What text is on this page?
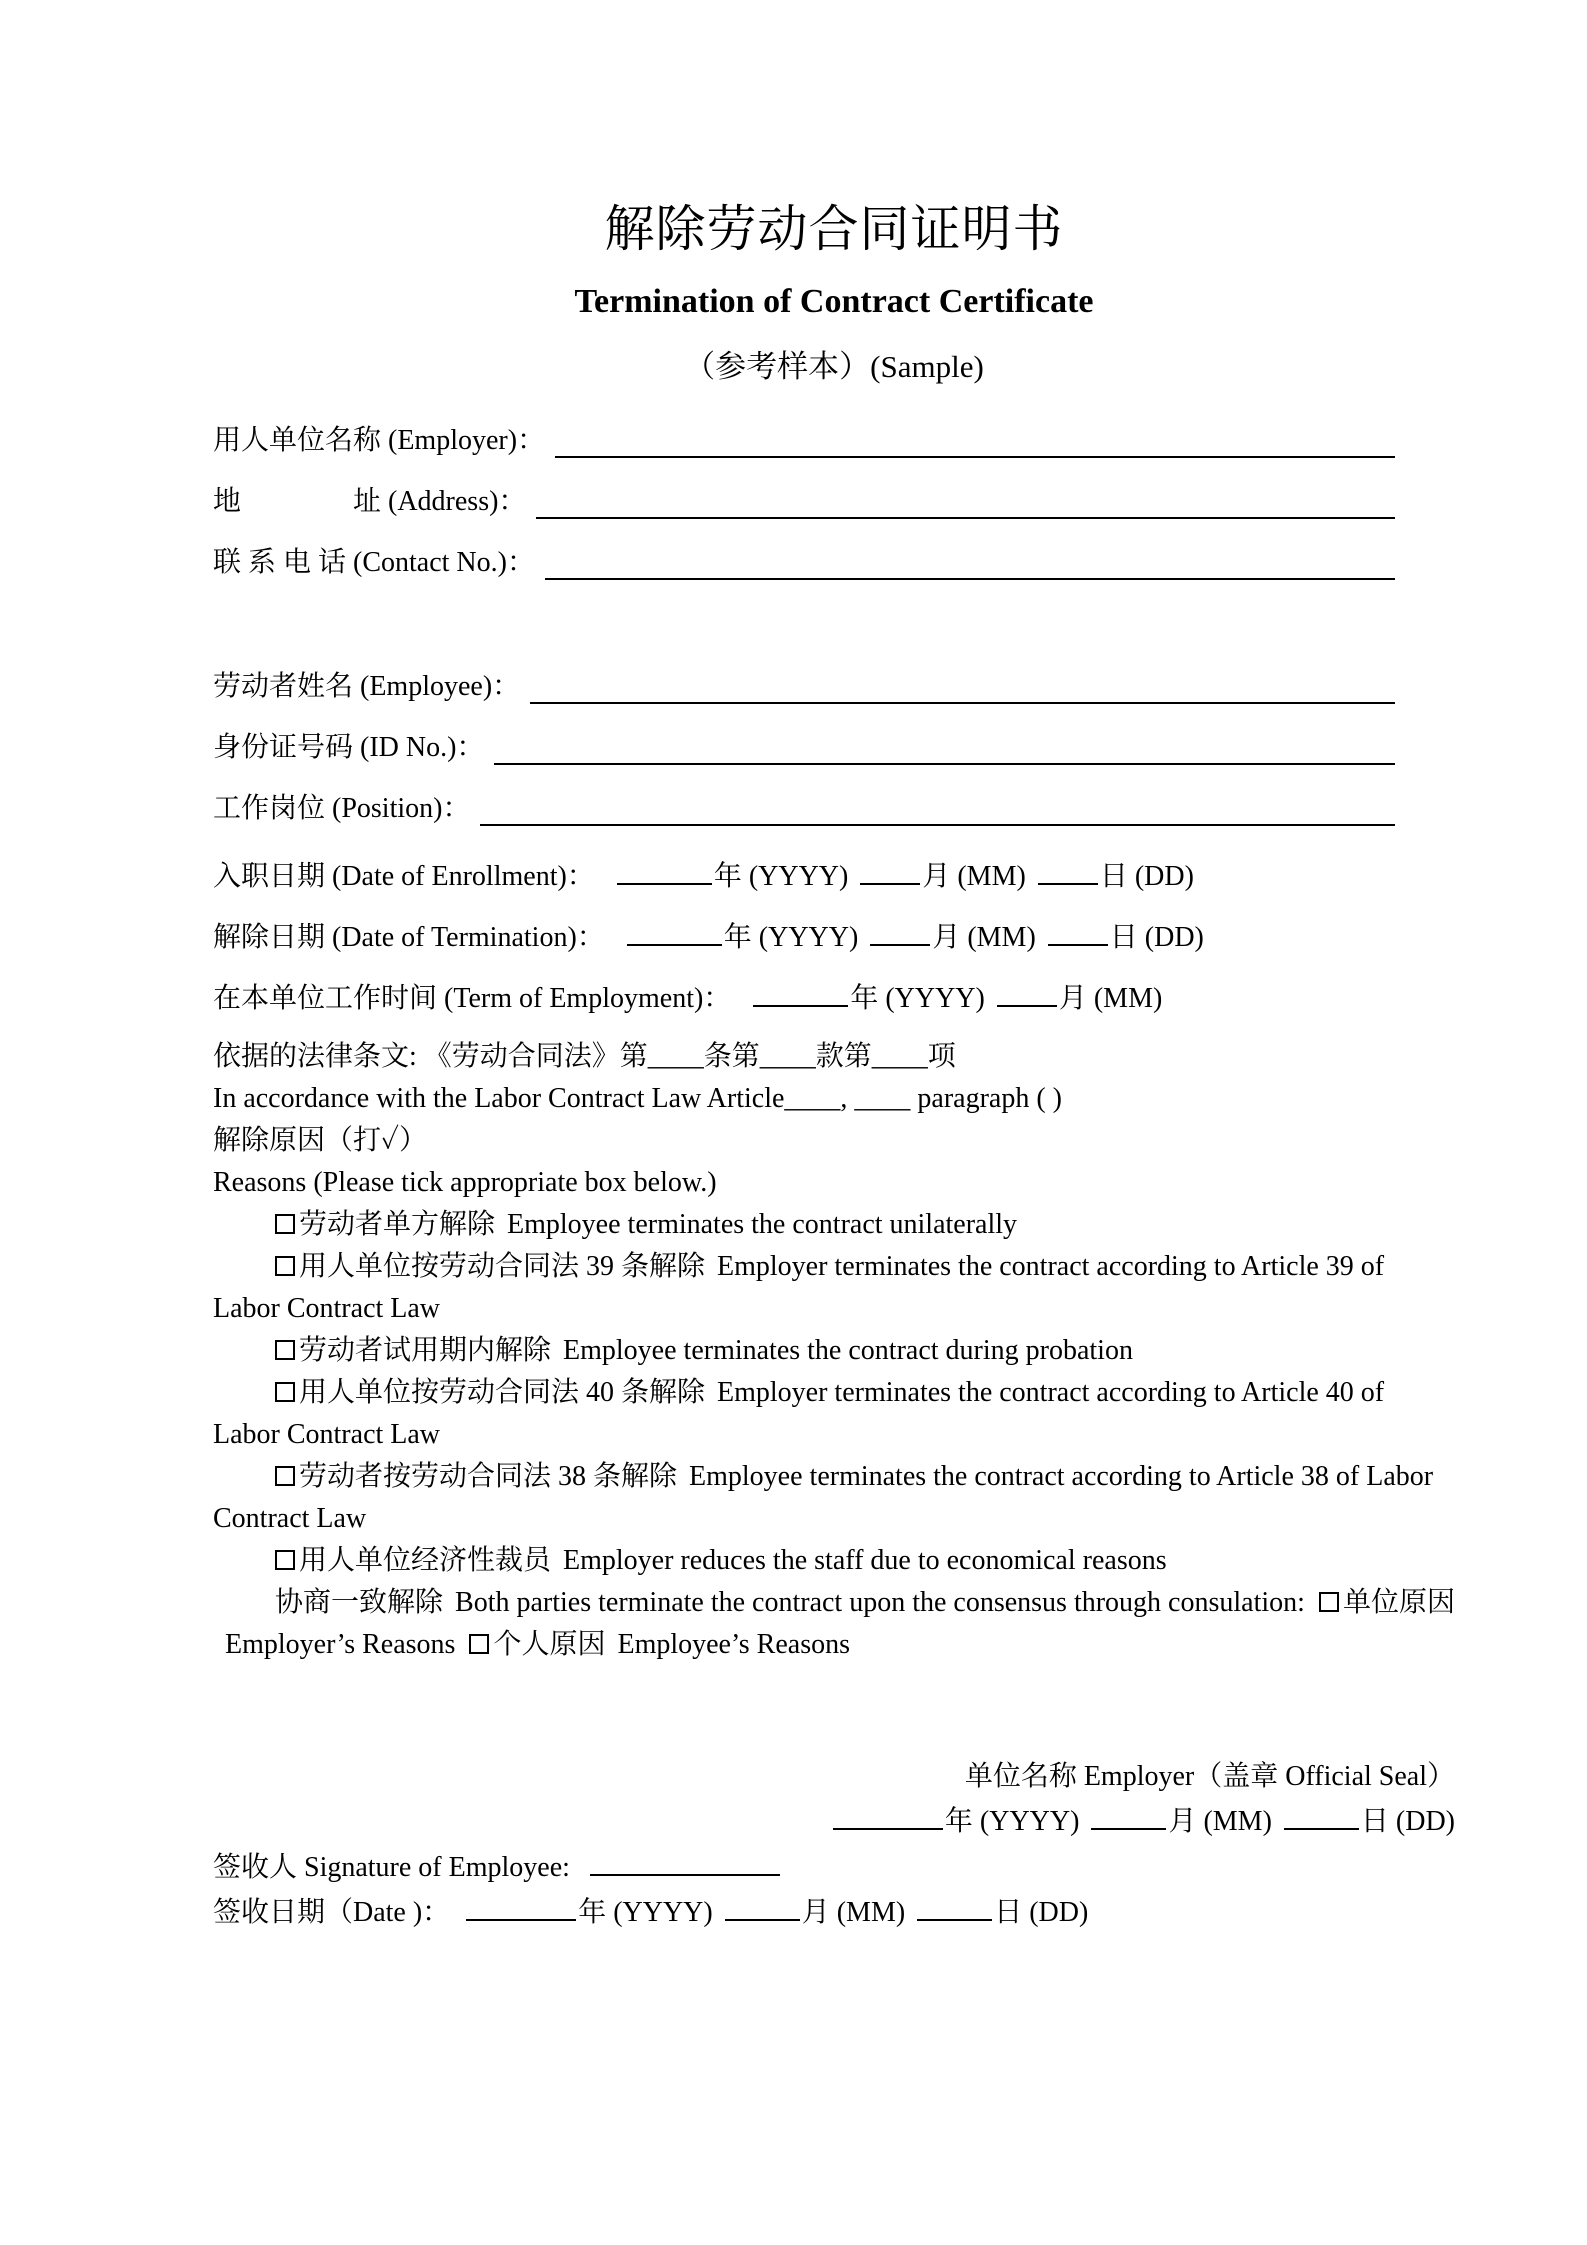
解除劳动合同证明书
Termination of Contract Certificate
（参考样本）(Sample)
用人单位名称 (Employer)：
地　　　　址 (Address)：
联 系 电 话 (Contact No.)：
劳动者姓名 (Employee)：
身份证号码 (ID No.)：
工作岗位 (Position)：
入职日期 (Date of Enrollment)：	年 (YYYY)	月 (MM)	日 (DD)
解除日期 (Date of Termination)：	年 (YYYY)	月 (MM)	日 (DD)
在本单位工作时间 (Term of Employment)：	年 (YYYY)	月 (MM)

依据的法律条文: 《劳动合同法》第____条第____款第____项

In accordance with the Labor Contract Law Article____, ____ paragraph ( )

解除原因（打✓）

Reasons (Please tick appropriate box below.)

劳动者单方解除 Employee terminates the contract unilaterally

用人单位按劳动合同法 39 条解除 Employer terminates the contract according to Article 39 of Labor Contract Law

劳动者试用期内解除 Employee terminates the contract during probation

用人单位按劳动合同法 40 条解除 Employer terminates the contract according to Article 40 of Labor Contract Law

劳动者按劳动合同法 38 条解除 Employee terminates the contract according to Article 38 of Labor Contract Law

用人单位经济性裁员 Employer reduces the staff due to economical reasons

协商一致解除 Both parties terminate the contract upon the consensus through consulation: 单位原因Employer’s Reasons 个人原因 Employee’s Reasons

单位名称 Employer（盖章 Official Seal）
年 (YYYY)	月 (MM)	日 (DD)
签收人 Signature of Employee:
签收日期（Date )：	年 (YYYY)	月 (MM)	日 (DD)
